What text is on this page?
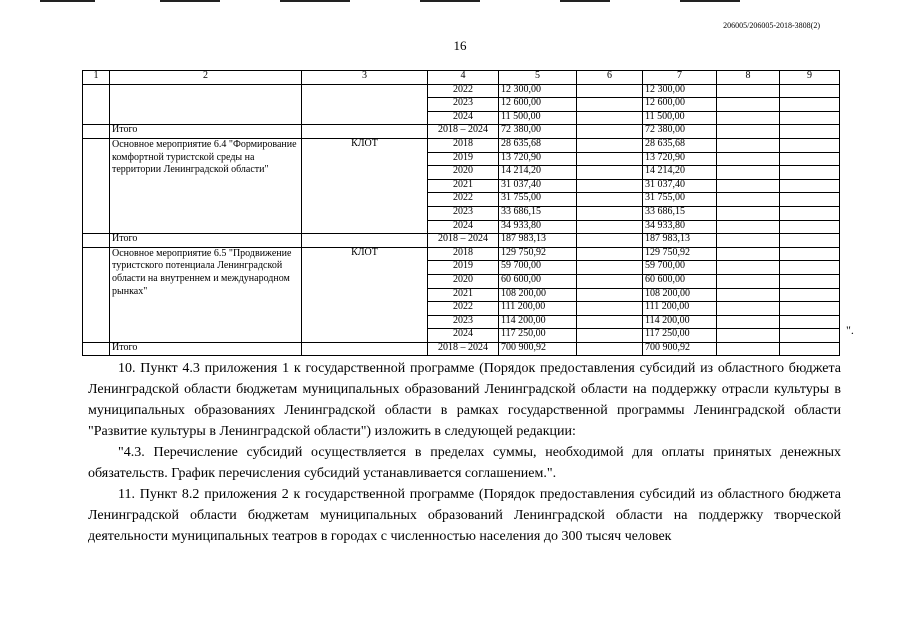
206005/206005-2018-3808(2)
16
1	2	3	4	5	6	7	8	9
			2022	12 300,00		12 300,00		
			2023	12 600,00		12 600,00		
			2024	11 500,00		11 500,00		
	Итого		2018 – 2024	72 380,00		72 380,00		
	Основное мероприятие 6.4 "Формирование комфортной туристской среды на территории Ленинградской области"	КЛОТ	2018	28 635,68		28 635,68		
			2019	13 720,90		13 720,90		
			2020	14 214,20		14 214,20		
			2021	31 037,40		31 037,40		
			2022	31 755,00		31 755,00		
			2023	33 686,15		33 686,15		
			2024	34 933,80		34 933,80		
	Итого		2018 – 2024	187 983,13		187 983,13		
	Основное мероприятие 6.5 "Продвижение туристского потенциала Ленинградской области на внутреннем и международном рынках"	КЛОТ	2018	129 750,92		129 750,92		
			2019	59 700,00		59 700,00		
			2020	60 600,00		60 600,00		
			2021	108 200,00		108 200,00		
			2022	111 200,00		111 200,00		
			2023	114 200,00		114 200,00		
			2024	117 250,00		117 250,00		
	Итого		2018 – 2024	700 900,92		700 900,92		
".

10. Пункт 4.3 приложения 1 к государственной программе (Порядок предоставления субсидий из областного бюджета Ленинградской области бюджетам муниципальных образований Ленинградской области на поддержку отрасли культуры в муниципальных образованиях Ленинградской области в рамках государственной программы Ленинградской области "Развитие культуры в Ленинградской области") изложить в следующей редакции:

"4.3. Перечисление субсидий осуществляется в пределах суммы, необходимой для оплаты принятых денежных обязательств. График перечисления субсидий устанавливается соглашением.".

11. Пункт 8.2 приложения 2 к государственной программе (Порядок предоставления субсидий из областного бюджета Ленинградской области бюджетам муниципальных образований Ленинградской области на поддержку творческой деятельности муниципальных театров в городах с численностью населения до 300 тысяч человек
